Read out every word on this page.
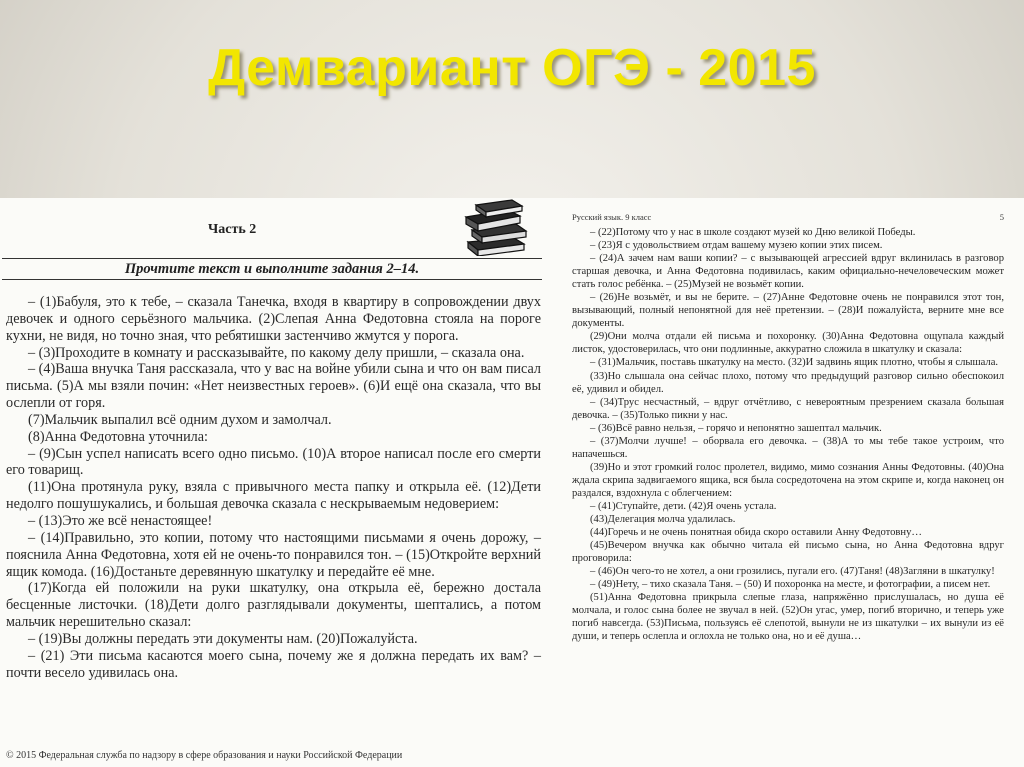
Демвариант ОГЭ - 2015
Часть 2
Прочтите текст и выполните задания 2–14.

– (1)Бабуля, это к тебе, – сказала Танечка, входя в квартиру в сопровождении двух девочек и одного серьёзного мальчика. (2)Слепая Анна Федотовна стояла на пороге кухни, не видя, но точно зная, что ребятишки застенчиво жмутся у порога.

– (3)Проходите в комнату и рассказывайте, по какому делу пришли, – сказала она.

– (4)Ваша внучка Таня рассказала, что у вас на войне убили сына и что он вам писал письма. (5)А мы взяли почин: «Нет неизвестных героев». (6)И ещё она сказала, что вы ослепли от горя.

(7)Мальчик выпалил всё одним духом и замолчал.

(8)Анна Федотовна уточнила:

– (9)Сын успел написать всего одно письмо. (10)А второе написал после его смерти его товарищ.

(11)Она протянула руку, взяла с привычного места папку и открыла её. (12)Дети недолго пошушукались, и большая девочка сказала с нескрываемым недоверием:

– (13)Это же всё ненастоящее!

– (14)Правильно, это копии, потому что настоящими письмами я очень дорожу, – пояснила Анна Федотовна, хотя ей не очень-то понравился тон. – (15)Откройте верхний ящик комода. (16)Достаньте деревянную шкатулку и передайте её мне.

(17)Когда ей положили на руки шкатулку, она открыла её, бережно достала бесценные листочки. (18)Дети долго разглядывали документы, шептались, а потом мальчик нерешительно сказал:

– (19)Вы должны передать эти документы нам. (20)Пожалуйста.

– (21) Эти письма касаются моего сына, почему же я должна передать их вам? – почти весело удивилась она.

© 2015 Федеральная служба по надзору в сфере образования и науки Российской Федерации
Русский язык. 9 класс	5

– (22)Потому что у нас в школе создают музей ко Дню великой Победы.

– (23)Я с удовольствием отдам вашему музею копии этих писем.

– (24)А зачем нам ваши копии? – с вызывающей агрессией вдруг вклинилась в разговор старшая девочка, и Анна Федотовна подивилась, каким официально-нечеловеческим может стать голос ребёнка. – (25)Музей не возьмёт копии.

– (26)Не возьмёт, и вы не берите. – (27)Анне Федотовне очень не понравился этот тон, вызывающий, полный непонятной для неё претензии. – (28)И пожалуйста, верните мне все документы.

(29)Они молча отдали ей письма и похоронку. (30)Анна Федотовна ощупала каждый листок, удостоверилась, что они подлинные, аккуратно сложила в шкатулку и сказала:

– (31)Мальчик, поставь шкатулку на место. (32)И задвинь ящик плотно, чтобы я слышала.

(33)Но слышала она сейчас плохо, потому что предыдущий разговор сильно обеспокоил её, удивил и обидел.

– (34)Трус несчастный, – вдруг отчётливо, с невероятным презрением сказала большая девочка. – (35)Только пикни у нас.

– (36)Всё равно нельзя, – горячо и непонятно зашептал мальчик.

– (37)Молчи лучше! – оборвала его девочка. – (38)А то мы тебе такое устроим, что напачешься.

(39)Но и этот громкий голос пролетел, видимо, мимо сознания Анны Федотовны. (40)Она ждала скрипа задвигаемого ящика, вся была сосредоточена на этом скрипе и, когда наконец он раздался, вздохнула с облегчением:

– (41)Ступайте, дети. (42)Я очень устала.

(43)Делегация молча удалилась.

(44)Горечь и не очень понятная обида скоро оставили Анну Федотовну…

(45)Вечером внучка как обычно читала ей письмо сына, но Анна Федотовна вдруг проговорила:

– (46)Он чего-то не хотел, а они грозились, пугали его. (47)Таня! (48)Загляни в шкатулку!

– (49)Нету, – тихо сказала Таня. – (50) И похоронка на месте, и фотографии, а писем нет.

(51)Анна Федотовна прикрыла слепые глаза, напряжённо прислушалась, но душа её молчала, и голос сына более не звучал в ней. (52)Он угас, умер, погиб вторично, и теперь уже погиб навсегда. (53)Письма, пользуясь её слепотой, вынули не из шкатулки – их вынули из её души, и теперь ослепла и оглохла не только она, но и её душа…
